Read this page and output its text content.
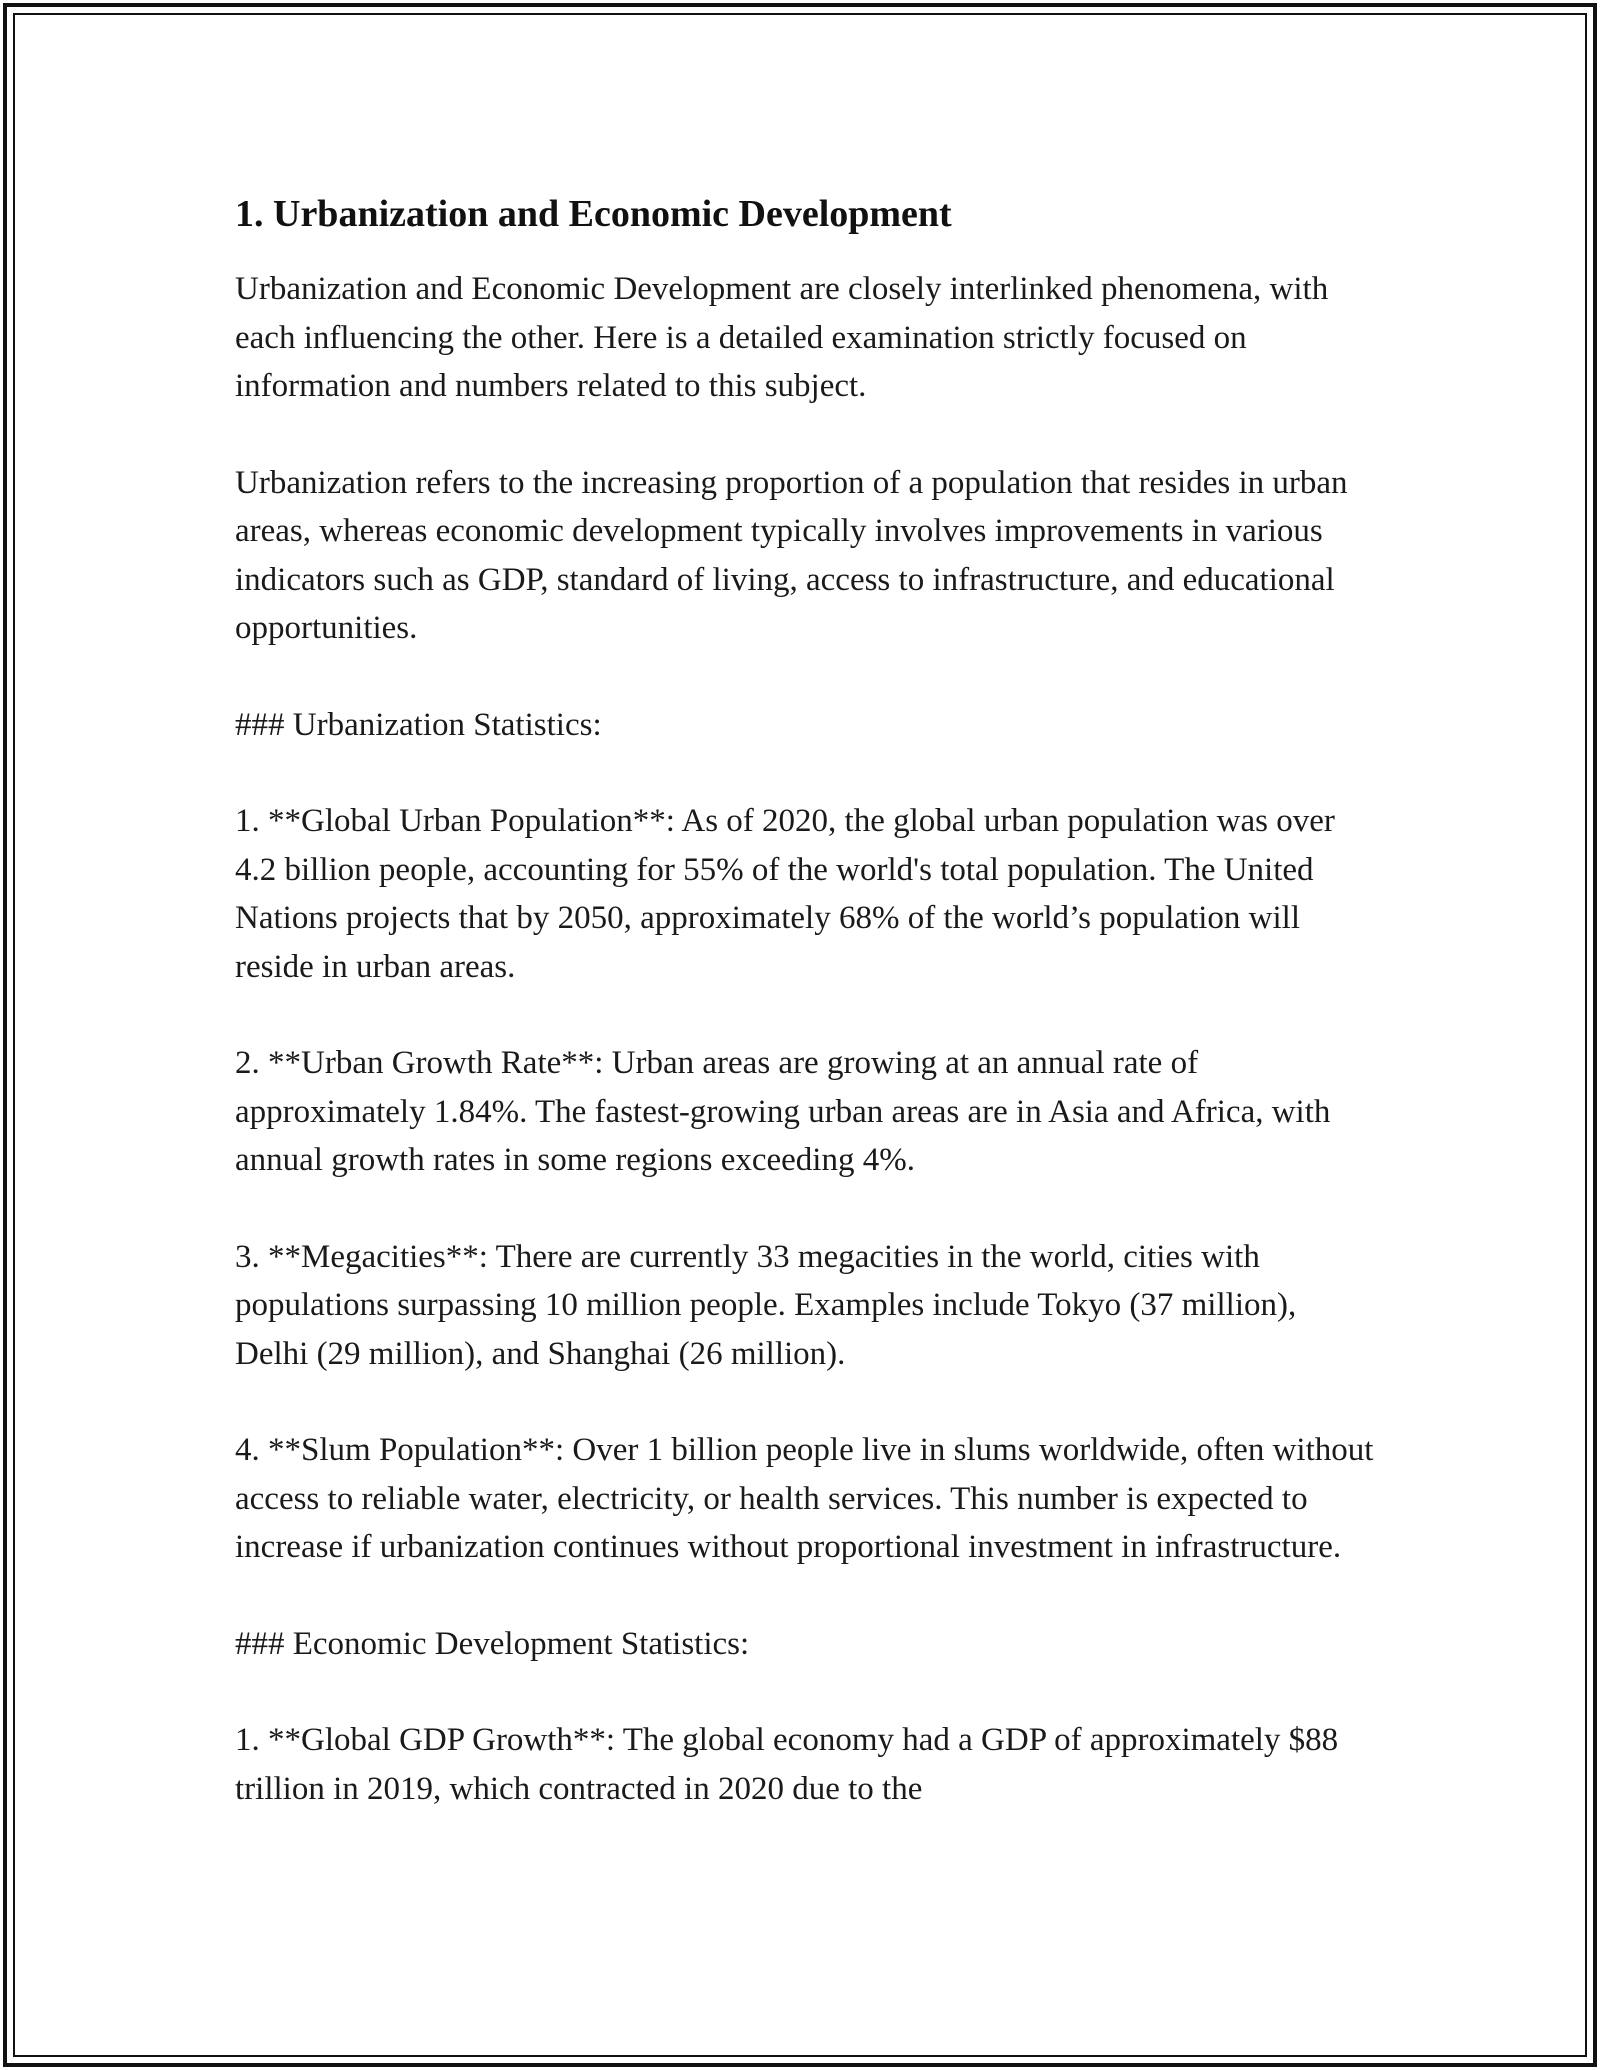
1. Urbanization and Economic Development

Urbanization and Economic Development are closely interlinked phenomena, with each influencing the other. Here is a detailed examination strictly focused on information and numbers related to this subject.

Urbanization refers to the increasing proportion of a population that resides in urban areas, whereas economic development typically involves improvements in various indicators such as GDP, standard of living, access to infrastructure, and educational opportunities.

### Urbanization Statistics:

1. **Global Urban Population**: As of 2020, the global urban population was over 4.2 billion people, accounting for 55% of the world's total population. The United Nations projects that by 2050, approximately 68% of the world’s population will reside in urban areas.

2. **Urban Growth Rate**: Urban areas are growing at an annual rate of approximately 1.84%. The fastest-growing urban areas are in Asia and Africa, with annual growth rates in some regions exceeding 4%.

3. **Megacities**: There are currently 33 megacities in the world, cities with populations surpassing 10 million people. Examples include Tokyo (37 million), Delhi (29 million), and Shanghai (26 million).

4. **Slum Population**: Over 1 billion people live in slums worldwide, often without access to reliable water, electricity, or health services. This number is expected to increase if urbanization continues without proportional investment in infrastructure.

### Economic Development Statistics:

1. **Global GDP Growth**: The global economy had a GDP of approximately $88 trillion in 2019, which contracted in 2020 due to the
